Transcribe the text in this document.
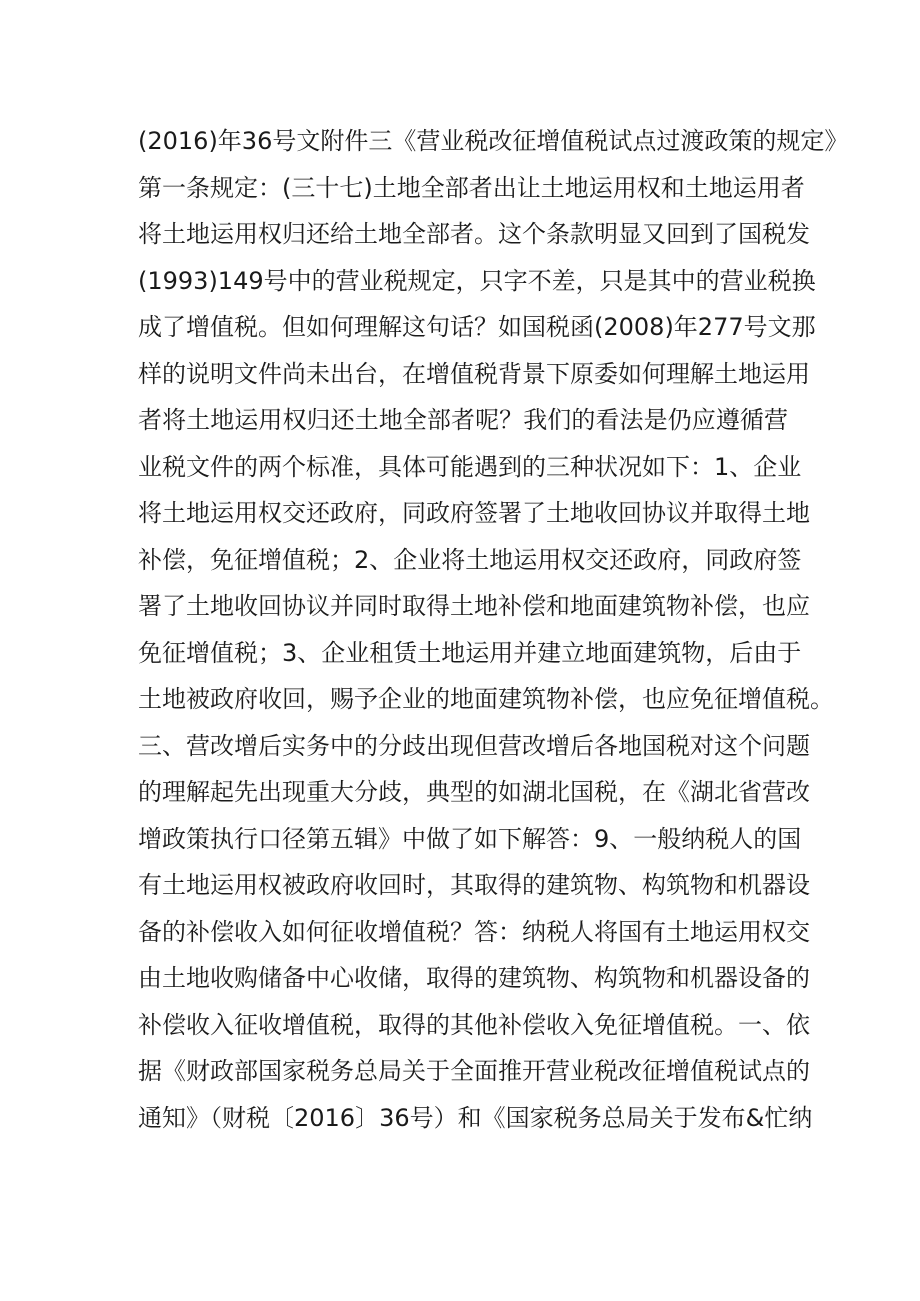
(2016)年36号文附件三《营业税改征增值税试点过渡政策的规定》
第一条规定：(三十七)土地全部者出让土地运用权和土地运用者
将土地运用权归还给土地全部者。这个条款明显又回到了国税发
(1993)149号中的营业税规定，只字不差，只是其中的营业税换
成了增值税。但如何理解这句话？如国税函(2008)年277号文那
样的说明文件尚未出台，在增值税背景下原委如何理解土地运用
者将土地运用权归还土地全部者呢？我们的看法是仍应遵循营
业税文件的两个标准，具体可能遇到的三种状况如下：1、企业
将土地运用权交还政府，同政府签署了土地收回协议并取得土地
补偿，免征增值税；2、企业将土地运用权交还政府，同政府签
署了土地收回协议并同时取得土地补偿和地面建筑物补偿，也应
免征增值税；3、企业租赁土地运用并建立地面建筑物，后由于
土地被政府收回，赐予企业的地面建筑物补偿，也应免征增值税。
三、营改增后实务中的分歧出现但营改增后各地国税对这个问题
的理解起先出现重大分歧，典型的如湖北国税，在《湖北省营改
增政策执行口径第五辑》中做了如下解答：9、一般纳税人的国
有土地运用权被政府收回时，其取得的建筑物、构筑物和机器设
备的补偿收入如何征收增值税？答：纳税人将国有土地运用权交
由土地收购储备中心收储，取得的建筑物、构筑物和机器设备的
补偿收入征收增值税，取得的其他补偿收入免征增值税。一、依
据《财政部国家税务总局关于全面推开营业税改征增值税试点的
通知》（财税〔2016〕36号）和《国家税务总局关于发布&忙纳
